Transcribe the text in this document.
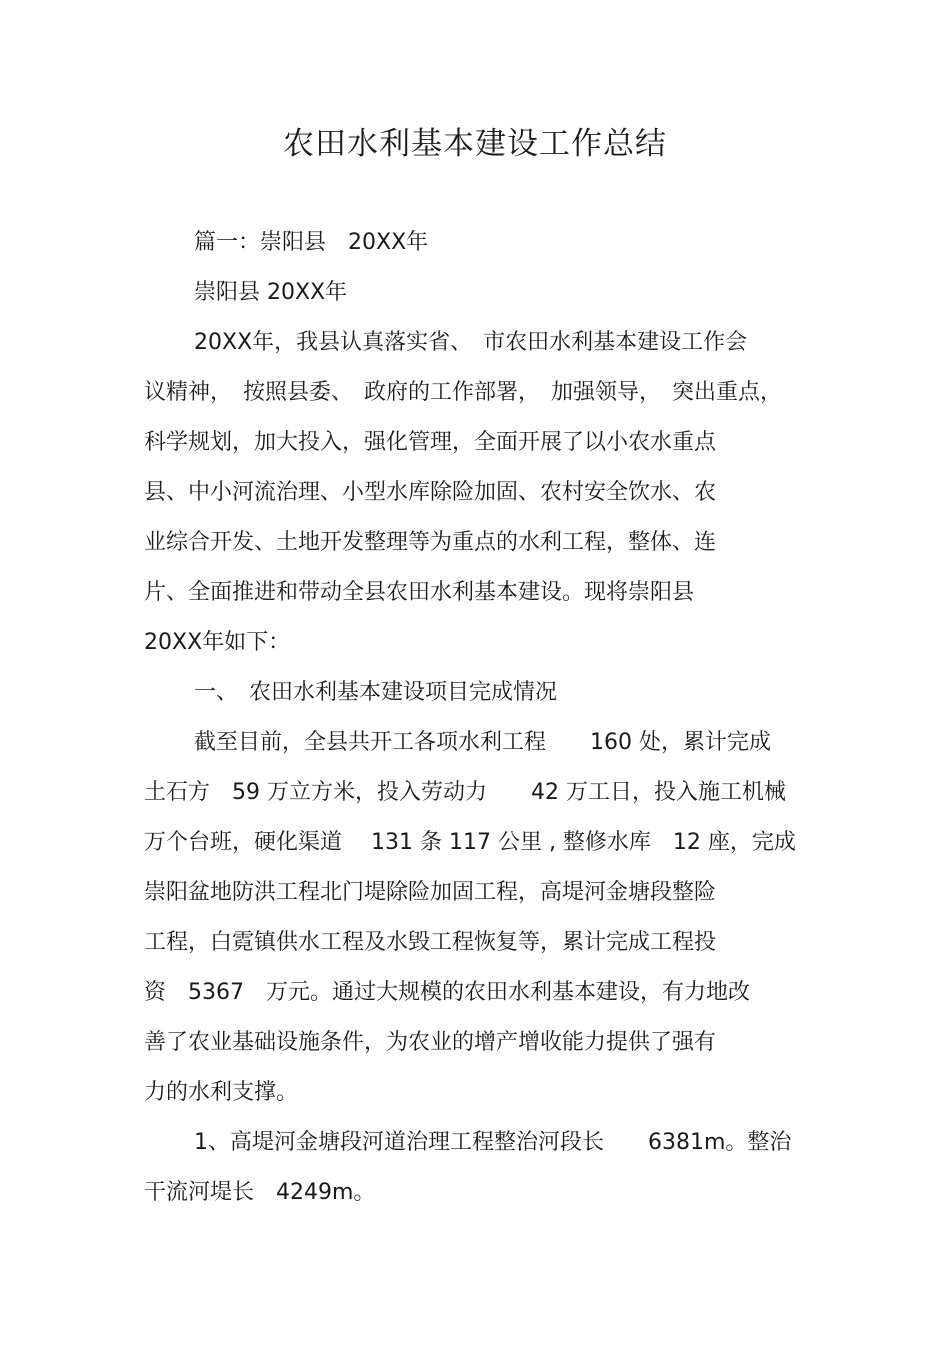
农田水利基本建设工作总结
篇一：崇阳县　20XX年
崇阳县 20XX年
20XX年，我县认真落实省、　市农田水利基本建设工作会
议精神，　按照县委、　政府的工作部署，　加强领导，　突出重点，
科学规划，加大投入，强化管理，全面开展了以小农水重点
县、中小河流治理、小型水库除险加固、农村安全饮水、农
业综合开发、土地开发整理等为重点的水利工程，整体、连
片、全面推进和带动全县农田水利基本建设。现将崇阳县
20XX年如下：
一、　农田水利基本建设项目完成情况
截至目前，全县共开工各项水利工程　　160 处，累计完成
土石方　59 万立方米，投入劳动力　　42 万工日，投入施工机械
万个台班，硬化渠道　 131 条 117 公里 , 整修水库　12 座，完成
崇阳盆地防洪工程北门堤除险加固工程，高堤河金塘段整险
工程，白霓镇供水工程及水毁工程恢复等，累计完成工程投
资　5367　万元。通过大规模的农田水利基本建设，有力地改
善了农业基础设施条件，为农业的增产增收能力提供了强有
力的水利支撑。
1、高堤河金塘段河道治理工程整治河段长　　6381m。整治
干流河堤长　4249m。
